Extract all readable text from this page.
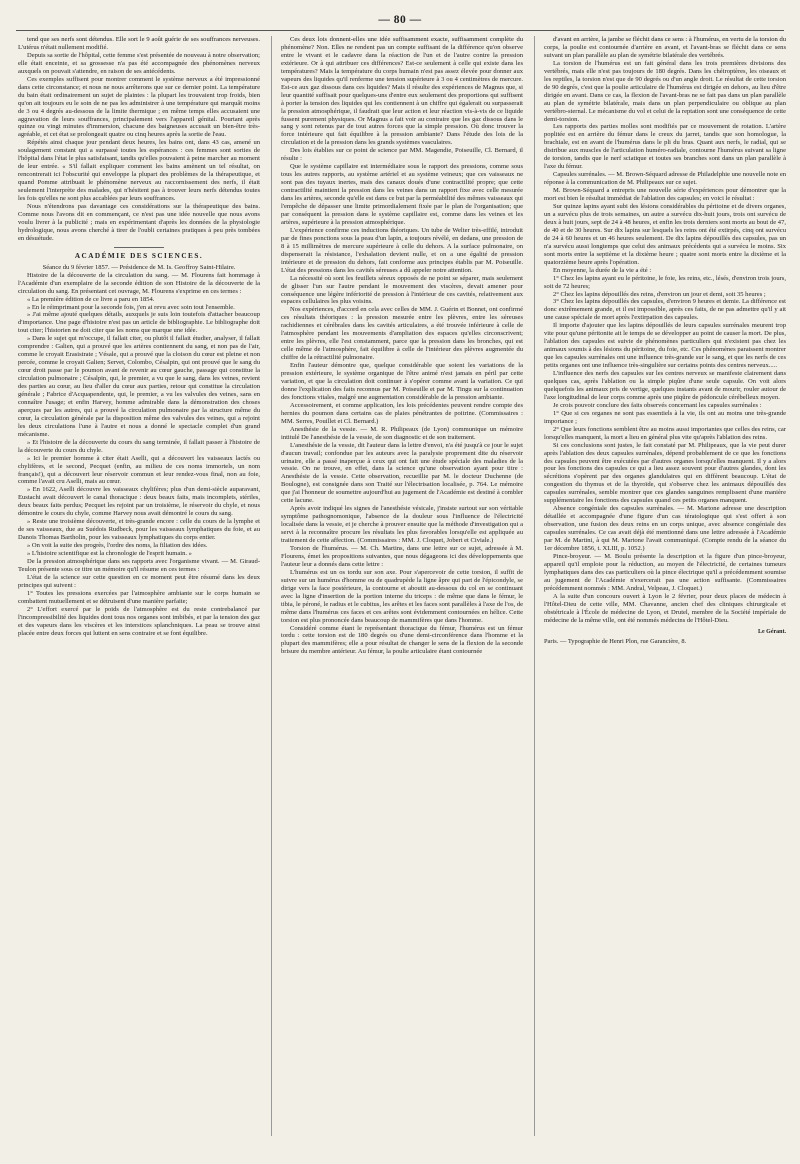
— 80 —

tend que ses nerfs sont détendus. Elle sort le 9 août guérie de ses souffrances nerveuses. L'utérus n'était nullement modifié.

Depuis sa sortie de l'hôpital, cette femme s'est présentée de nouveau à notre observation; elle était enceinte, et sa grossesse n'a pas été accompagnée des phénomènes nerveux auxquels on pouvait s'attendre, en raison de ses antécédents.

Ces exemples suffisent pour montrer comment le système nerveux a été impressionné dans cette circonstance; et nous ne nous arrêterons que sur ce dernier point. La température du bain était ordinairement un sujet de plaintes : la plupart les trouvaient trop froids, bien qu'on ait toujours eu le soin de ne pas les administrer à une température qui marquât moins de 3 ou 4 degrés au-dessous de la limite thermique ; en même temps elles accusaient une aggravation de leurs souffrances, principalement vers l'appareil génital. Pourtant après quinze ou vingt minutes d'immersion, chacune des baigneuses accusait un bien-être très-agréable, et cet état se prolongeait quatre ou cinq heures après la sortie de l'eau.

Répétés ainsi chaque jour pendant deux heures, les bains ont, dans 43 cas, amené un soulagement constant qui a surpassé toutes les espérances : ces femmes sont sorties de l'hôpital dans l'état le plus satisfaisant, tandis qu'elles pouvaient à peine marcher au moment de leur entrée. « S'il fallait expliquer comment les bains amènent un tel résultat, on rencontrerait ici l'obscurité qui enveloppe la plupart des problèmes de la thérapeutique, et quand Pomme attribuait le phénomène nerveux au raccornissement des nerfs, il était seulement l'interprète des malades, qui n'hésitent pas à trouver leurs nerfs détendus toutes les fois qu'elles ne sont plus accablées par leurs souffrances.

Nous n'étendrons pas davantage ces considérations sur la thérapeutique des bains. Comme nous l'avons dit en commençant, ce n'est pas une idée nouvelle que nous avons voulu livrer à la publicité ; mais en expérimentant d'après les données de la physiologie hydrologique, nous avons cherché à tirer de l'oubli certaines pratiques à peu près tombées en désuétude.

ACADÉMIE DES SCIENCES.

Séance du 9 février 1857. — Présidence de M. Is. Geoffroy Saint-Hilaire.

Histoire de la découverte de la circulation du sang. — M. Flourens fait hommage à l'Académie d'un exemplaire de la seconde édition de son Histoire de la découverte de la circulation du sang. En présentant cet ouvrage, M. Flourens s'exprime en ces termes :

« La première édition de ce livre a paru en 1854.

» En le réimprimant pour la seconde fois, j'en ai revu avec soin tout l'ensemble.

» J'ai même ajouté quelques détails, auxquels je suis loin toutefois d'attacher beaucoup d'importance. Une page d'histoire n'est pas un article de bibliographie. Le bibliographe doit tout citer; l'historien ne doit citer que les noms que marque une idée.

» Dans le sujet qui m'occupe, il fallait citer, ou plutôt il fallait étudier, analyser, il fallait comprendre : Galien, qui a prouvé que les artères contiennent du sang, et non pas de l'air, comme le croyait Erasistrate ; Vésale, qui a prouvé que la cloison du cœur est pleine et non percée, comme le croyait Galien; Servet, Colombo, Césalpin, qui ont prouvé que le sang du cœur droit passe par le poumon avant de revenir au cœur gauche, passage qui constitue la circulation pulmonaire ; Césalpin, qui, le premier, a vu que le sang, dans les veines, revient des parties au cœur, au lieu d'aller du cœur aux parties, retour qui constitue la circulation générale ; Fabrice d'Acquapendente, qui, le premier, a vu les valvules des veines, sans en connaître l'usage; et enfin Harvey, homme admirable dans la démonstration des choses aperçues par les autres, qui a prouvé la circulation pulmonaire par la structure même du cœur, la circulation générale par la disposition même des valvules des veines, qui a rejoint les deux circulations l'une à l'autre et nous a donné le spectacle complet d'un grand mécanisme.

» Et l'histoire de la découverte du cours du sang terminée, il fallait passer à l'histoire de la découverte du cours du chyle.

» Ici le premier homme à citer était Aselli, qui a découvert les vaisseaux lactés ou chylifères, et le second, Pecquet (enfin, au milieu de ces noms immortels, un nom français!), qui a découvert leur réservoir commun et leur rendez-vous final, non au foie, comme l'avait cru Aselli, mais au cœur.

» En 1622, Aselli découvre les vaisseaux chylifères; plus d'un demi-siècle auparavant, Eustachi avait découvert le canal thoracique : deux beaux faits, mais incomplets, stériles, deux beaux faits perdus; Pecquet les rejoint par un troisième, le réservoir du chyle, et nous démontre le cours du chyle, comme Harvey nous avait démontré le cours du sang.

» Reste une troisième découverte, et très-grande encore : celle du cours de la lymphe et de ses vaisseaux, due au Suédois Rudbeck, pour les vaisseaux lymphatiques du foie, et au Danois Thomas Bartholin, pour les vaisseaux lymphatiques du corps entier.

» On voit la suite des progrès, l'ordre des noms, la filiation des idées.

» L'histoire scientifique est la chronologie de l'esprit humain. »

De la pression atmosphérique dans ses rapports avec l'organisme vivant. — M. Giraud-Teulon présente sous ce titre un mémoire qu'il résume en ces termes :

L'état de la science sur cette question en ce moment peut être résumé dans les deux principes qui suivent :

1° Toutes les pressions exercées par l'atmosphère ambiante sur le corps humain se combattent mutuellement et se détruisent d'une manière parfaite;

2° L'effort exercé par le poids de l'atmosphère est du reste contrebalancé par l'incompressibilité des liquides dont tous nos organes sont imbibés, et par la tension des gaz et des vapeurs dans les viscères et les interstices splanchniques. La peau se trouve ainsi placée entre deux forces qui luttent en sens contraire et se font équilibre.

Ces deux lois donnent-elles une idée suffisamment exacte, suffisamment complète du phénomène? Non. Elles ne rendent pas un compte suffisant de la différence qu'on observe entre le vivant et le cadavre dans la réaction de l'un et de l'autre contre la pression extérieure. Or à qui attribuer ces différences? Est-ce seulement à celle qui existe dans les températures? Mais la température du corps humain n'est pas assez élevée pour donner aux vapeurs des liquides qu'il renferme une tension supérieure à 3 ou 4 centimètres de mercure. Est-ce aux gaz dissous dans ces liquides? Mais il résulte des expériences de Magnus que, si leur quantité suffisait pour quelques-uns d'entre eux seulement des proportions qui suffisent à porter la tension des liquides qui les contiennent à un chiffre qui égalerait ou surpasserait la pression atmosphérique, il faudrait que leur action et leur réaction vis-à-vis de ce liquide fussent purement physiques. Or Magnus a fait voir au contraire que les gaz dissous dans le sang y sont retenus par de tout autres forces que la simple pression. Où donc trouver la force intérieure qui fait équilibre à la pression ambiante? Dans l'étude des lois de la circulation et de la pression dans les grands systèmes vasculaires.

Des lois établies sur ce point de science par MM. Magendie, Poiseuille, Cl. Bernard, il résulte :

Que le système capillaire est intermédiaire sous le rapport des pressions, comme sous tous les autres rapports, au système artériel et au système veineux; que ces vaisseaux ne sont pas des tuyaux inertes, mais des canaux doués d'une contractilité propre; que cette contractilité maintient la pression dans les veines dans un rapport fixe avec celle mesurée dans les artères, seconde qu'elle est dans ce but par la perméabilité des mêmes vaisseaux qui l'empêche de dépasser une limite primordialement fixée par le plan de l'organisation; que par conséquent la pression dans le système capillaire est, comme dans les veines et les artères, supérieure à la pression atmosphérique.

L'expérience confirme ces inductions théoriques. Un tube de Welter très-effilé, introduit par de fines ponctions sous la peau d'un lapin, a toujours révélé, en dedans, une pression de 8 à 15 millimètres de mercure supérieure à celle du dehors. A la surface pulmonaire, on dispenserait la résistance, l'exhalation devient nulle, et on a une égalité de pression intérieure et de pression du dehors, fait conforme aux principes établis par M. Poiseuille. L'état des pressions dans les cavités séreuses a dû appeler notre attention.

La nécessité où sont les feuillets séreux opposés de ne point se séparer, mais seulement de glisser l'un sur l'autre pendant le mouvement des viscères, devait amener pour conséquence une légère infériorité de pression à l'intérieur de ces cavités, relativement aux espaces cellulaires les plus voisins.

Nos expériences, d'accord en cela avec celles de MM. J. Guérin et Bonnet, ont confirmé ces résultats théoriques : la pression mesurée entre les plèvres, entre les séreuses rachidiennes et cérébrales dans les cavités articulaires, a été trouvée inférieure à celle de l'atmosphère pendant les mouvements d'ampliation des espaces qu'elles circonscrivent; entre les plèvres, elle l'est constamment, parce que la pression dans les bronches, qui est celle même de l'atmosphère, fait équilibre à celle de l'intérieur des plèvres augmentée du chiffre de la rétractilité pulmonaire.

Enfin l'auteur démontre que, quelque considérable que soient les variations de la pression extérieure, le système organique de l'être animé n'est jamais en péril par cette variation, et que la circulation doit continuer à s'opérer comme avant la variation. Ce qui donne l'explication des faits reconnus par M. Poiseuille et par M. Tingu sur la continuation des fonctions vitales, malgré une augmentation considérable de la pression ambiante.

Accessoirement, et comme application, les lois précédentes peuvent rendre compte des hernies du poumon dans certains cas de plaies pénétrantes de poitrine. (Commissaires : MM. Serres, Pouillet et Cl. Bernard.)

Anesthésie de la vessie. — M. R. Philipeaux (de Lyon) communique un mémoire intitulé De l'anesthésie de la vessie, de son diagnostic et de son traitement.

L'anesthésie de la vessie, dit l'auteur dans la lettre d'envoi, n'a été jusqu'à ce jour le sujet d'aucun travail; confondue par les auteurs avec la paralysie proprement dite du réservoir urinaire, elle a passé inaperçue à ceux qui ont fait une étude spéciale des maladies de la vessie. On ne trouve, en effet, dans la science qu'une observation ayant pour titre : Anesthésie de la vessie. Cette observation, recueillie par M. le docteur Duchenne (de Boulogne), est consignée dans son Traité sur l'électrisation localisée, p. 764. Le mémoire que j'ai l'honneur de soumettre aujourd'hui au jugement de l'Académie est destiné à combler cette lacune.

Après avoir indiqué les signes de l'anesthésie vésicale, j'insiste surtout sur son véritable symptôme pathognomonique, l'absence de la douleur sous l'influence de l'électricité localisée dans la vessie, et je cherche à prouver ensuite que la méthode d'investigation qui a servi à la reconnaître procure les résultats les plus favorables lorsqu'elle est appliquée au traitement de cette affection. (Commissaires : MM. J. Cloquet, Jobert et Civiale.)

Torsion de l'humérus. — M. Ch. Martins, dans une lettre sur ce sujet, adressée à M. Flourens, émet les propositions suivantes, que nous dégageons ici des développements que l'auteur leur a donnés dans cette lettre :

L'humérus est un os tordu sur son axe. Pour s'apercevoir de cette torsion, il suffit de suivre sur un humérus d'homme ou de quadrupède la ligne âpre qui part de l'épicondyle, se dirige vers la face postérieure, la contourne et aboutit au-dessous du col en se continuant avec la ligne d'insertion de la portion interne du triceps : de même que dans le fémur, le tibia, le péroné, le radius et le cubitus, les arêtes et les faces sont parallèles à l'axe de l'os, de même dans l'humérus ces faces et ces arêtes sont évidemment contournées en hélice. Cette torsion est plus prononcée dans beaucoup de mammifères que dans l'homme.

Considéré comme étant le représentant thoracique du fémur, l'humérus est un fémur tordu : cette torsion est de 180 degrés ou d'une demi-circonférence dans l'homme et la plupart des mammifères; elle a pour résultat de changer le sens de la flexion de la seconde brisure du membre antérieur. Au fémur, la poulie articulaire étant contournée

d'avant en arrière, la jambe se fléchit dans ce sens : à l'humérus, en vertu de la torsion du corps, la poulie est contournée d'arrière en avant, et l'avant-bras se fléchit dans ce sens suivant un plan parallèle au plan de symétrie bilatérale des vertébrés.

La torsion de l'humérus est un fait général dans les trois premières divisions des vertébrés, mais elle n'est pas toujours de 180 degrés. Dans les chéiroptères, les oiseaux et les reptiles, la torsion n'est que de 90 degrés ou d'un angle droit. Le résultat de cette torsion de 90 degrés, c'est que la poulie articulaire de l'humérus est dirigée en dehors, au lieu d'être dirigée en avant. Dans ce cas, la flexion de l'avant-bras ne se fait pas dans un plan parallèle au plan de symétrie bilatérale, mais dans un plan perpendiculaire ou oblique au plan vertébro-sternal. Le mécanisme du vol et celui de la reptation sont une conséquence de cette demi-torsion.

Les rapports des parties molles sont modifiés par ce mouvement de rotation. L'artère poplitée est en arrière du fémur dans le creux du jarret, tandis que son homologue, la brachiale, est en avant de l'humérus dans le pli du bras. Quant aux nerfs, le radial, qui se distribue aux muscles de l'articulation huméro-radiale, contourne l'humérus suivant sa ligne de torsion, tandis que le nerf sciatique et toutes ses branches sont dans un plan parallèle à l'axe du fémur.

Capsules surrénales. — M. Brown-Séquard adresse de Philadelphie une nouvelle note en réponse à la communication de M. Philipeaux sur ce sujet.

M. Brown-Séquard a entrepris une nouvelle série d'expériences pour démontrer que la mort est bien le résultat immédiat de l'ablation des capsules; en voici le résultat :

Sur quinze lapins ayant subi des lésions considérables du péritoine et de divers organes, un a survécu plus de trois semaines, un autre a survécu dix-huit jours, trois ont survécu de deux à huit jours, sept de 24 à 48 heures, et enfin les trois derniers sont morts au bout de 47, de 40 et de 30 heures. Sur dix lapins sur lesquels les reins ont été extirpés, cinq ont survécu de 24 à 60 heures et un 46 heures seulement. De dix lapins dépouillés des capsules, pas un n'a survécu aussi longtemps que celui des animaux précédents qui a survécu le moins. Six sont morts entre la septième et la dixième heure ; quatre sont morts entre la dixième et la quatorzième heure après l'opération.

En moyenne, la durée de la vie a été :

1° Chez les lapins ayant eu le péritoine, le foie, les reins, etc., lésés, d'environ trois jours, soit de 72 heures;

2° Chez les lapins dépouillés des reins, d'environ un jour et demi, soit 35 heures ;

3° Chez les lapins dépouillés des capsules, d'environ 9 heures et demie. La différence est donc extrêmement grande, et il est impossible, après ces faits, de ne pas admettre qu'il y ait une cause spéciale de mort après l'extirpation des capsules.

Il importe d'ajouter que les lapins dépouillés de leurs capsules surrénales meurent trop vite pour qu'une péritonite ait le temps de se développer au point de causer la mort. De plus, l'ablation des capsules est suivie de phénomènes particuliers qui n'existent pas chez les animaux soumis à des lésions du péritoine, du foie, etc. Ces phénomènes paraissent montrer que les capsules surrénales ont une influence très-grande sur le sang, et que les nerfs de ces petits organes ont une influence très-singulière sur certains points des centres nerveux.....

L'influence des nerfs des capsules sur les centres nerveux se manifeste clairement dans quelques cas, après l'ablation ou la simple piqûre d'une seule capsule. On voit alors quelquefois les animaux pris de vertige, quelques instants avant de mourir, rouler autour de l'axe longitudinal de leur corps comme après une piqûre de pédoncule cérébelleux moyen.

Je crois pouvoir conclure des faits observés concernant les capsules surrénales :

1° Que si ces organes ne sont pas essentiels à la vie, ils ont au moins une très-grande importance ;

2° Que leurs fonctions semblent être au moins aussi importantes que celles des reins, car lorsqu'elles manquent, la mort a lieu en général plus vite qu'après l'ablation des reins.

Si ces conclusions sont justes, le fait constaté par M. Philipeaux, que la vie peut durer après l'ablation des deux capsules surrénales, dépend probablement de ce que les fonctions des capsules peuvent être exécutées par d'autres organes lorsqu'elles manquent. Il y a alors pour les fonctions des capsules ce qui a lieu assez souvent pour d'autres glandes, dont les sécrétions s'opèrent par des organes glandulaires qui en diffèrent beaucoup. L'état de congestion du thymus et de la thyroïde, qui s'observe chez les animaux dépouillés des capsules surrénales, semble montrer que ces glandes sanguines remplissent d'une manière supplémentaire les fonctions des capsules quand ces petits organes manquent.

Absence congéniale des capsules surrénales. — M. Martone adresse une description détaillée et accompagnée d'une figure d'un cas tératologique qui s'est offert à son observation, une fusion des deux reins en un corps unique, avec absence congéniale des capsules surrénales. Ce cas avait déjà été mentionné dans une lettre adressée à l'Académie par M. de Martini, à qui M. Martone l'avait communiqué. (Compte rendu de la séance du 1er décembre 1856, t. XLIII, p. 1052.)

Pince-broyeur. — M. Boulu présente la description et la figure d'un pince-broyeur, appareil qu'il emploie pour la réduction, au moyen de l'électricité, de certaines tumeurs lymphatiques dans des cas particuliers où la pince électrique qu'il a précédemment soumise au jugement de l'Académie n'exercerait pas une action suffisante. (Commissaires précédemment nommés : MM. Andral, Velpeau, J. Cloquet.)

A la suite d'un concours ouvert à Lyon le 2 février, pour deux places de médecin à l'Hôtel-Dieu de cette ville, MM. Chavanne, ancien chef des cliniques chirurgicale et obstétricale à l'École de médecine de Lyon, et Drutel, membre de la Société impériale de médecine de la même ville, ont été nommés médecins de l'Hôtel-Dieu.

Le Gérant.

Paris. — Typographie de Henri Plon, rue Garancière, 8.
